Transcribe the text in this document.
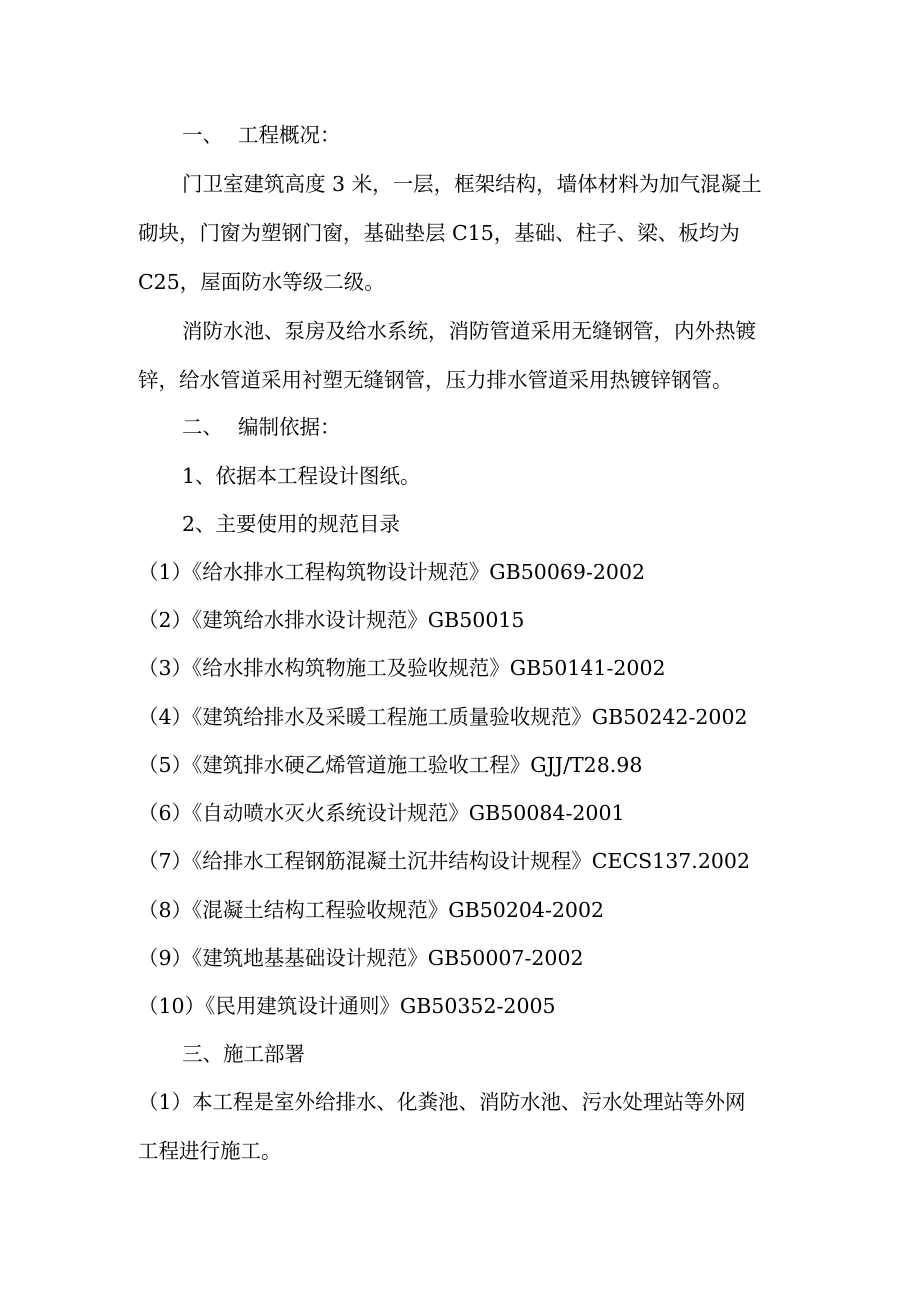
一、 工程概况：
门卫室建筑高度 3 米，一层，框架结构，墙体材料为加气混凝土
砌块，门窗为塑钢门窗，基础垫层 C15，基础、柱子、梁、板均为
C25，屋面防水等级二级。
消防水池、泵房及给水系统，消防管道采用无缝钢管，内外热镀
锌，给水管道采用衬塑无缝钢管，压力排水管道采用热镀锌钢管。
二、 编制依据：
1、依据本工程设计图纸。
2、主要使用的规范目录
（1）《给水排水工程构筑物设计规范》GB50069-2002
（2）《建筑给水排水设计规范》GB50015
（3）《给水排水构筑物施工及验收规范》GB50141-2002
（4）《建筑给排水及采暖工程施工质量验收规范》GB50242-2002
（5）《建筑排水硬乙烯管道施工验收工程》GJJ/T28.98
（6）《自动喷水灭火系统设计规范》GB50084-2001
（7）《给排水工程钢筋混凝土沉井结构设计规程》CECS137.2002
（8）《混凝土结构工程验收规范》GB50204-2002
（9）《建筑地基基础设计规范》GB50007-2002
（10）《民用建筑设计通则》GB50352-2005
三、施工部署
（1）本工程是室外给排水、化粪池、消防水池、污水处理站等外网
工程进行施工。
